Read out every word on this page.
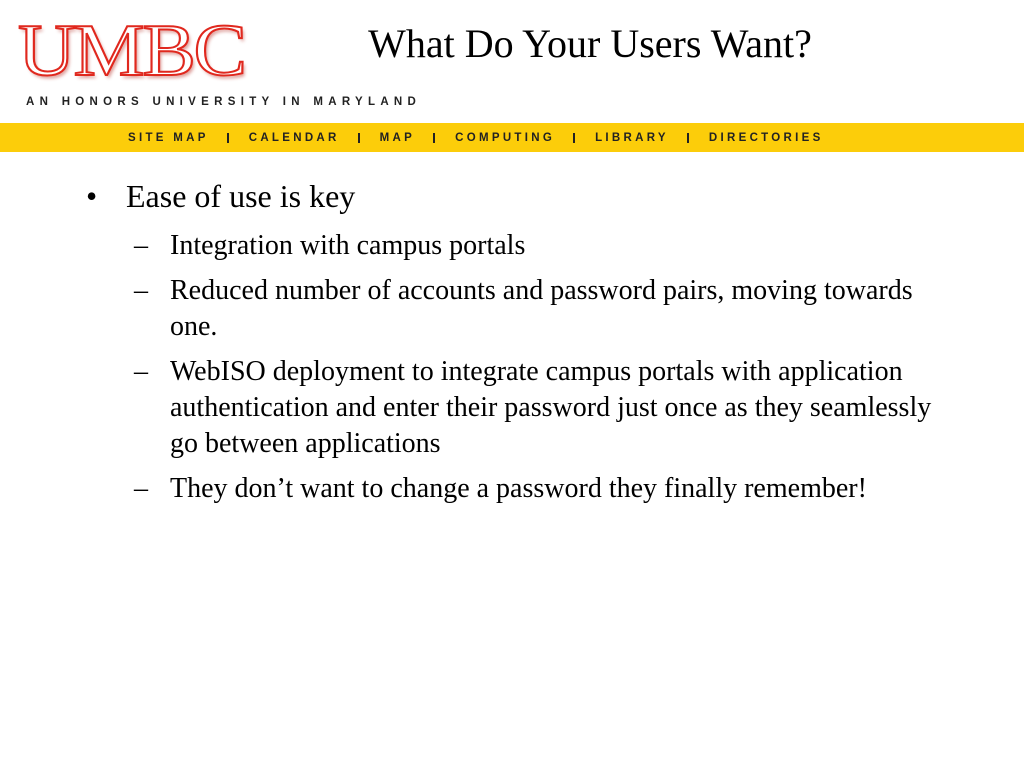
UMBC
AN HONORS UNIVERSITY IN MARYLAND
What Do Your Users Want?
SITE MAP	CALENDAR	MAP	COMPUTING	LIBRARY	DIRECTORIES
• Ease of use is key
– Integration with campus portals
– Reduced number of accounts and password pairs, moving towards one.
– WebISO deployment to integrate campus portals with application authentication and enter their password just once as they seamlessly go between applications
– They don’t want to change a password they finally remember!
